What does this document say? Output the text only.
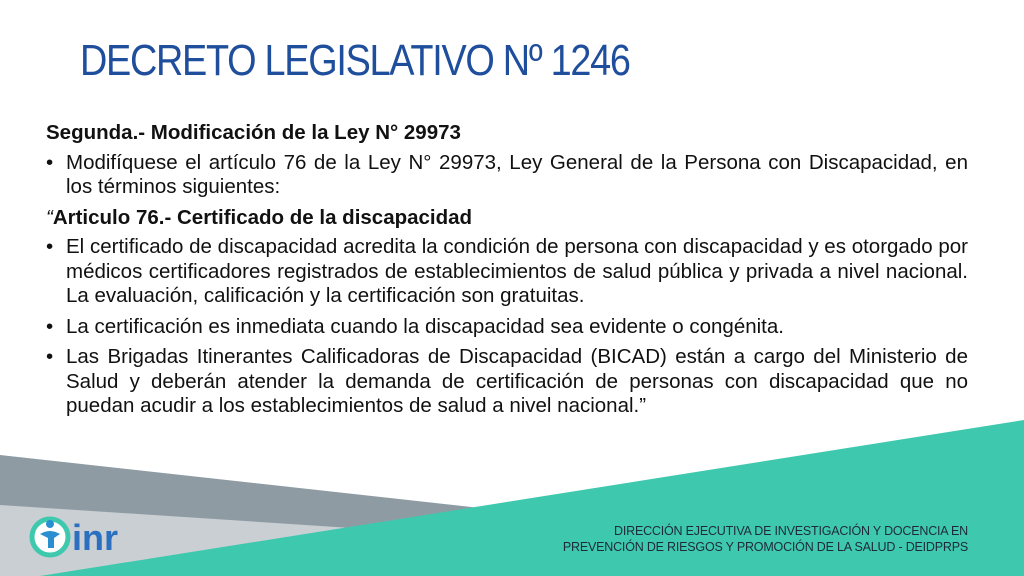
DECRETO LEGISLATIVO Nº 1246

Segunda.- Modificación de la Ley N° 29973

• Modifíquese el artículo 76 de la Ley N° 29973, Ley General de la Persona con Discapacidad, en los términos siguientes:

“Articulo 76.- Certificado de la discapacidad

• El certificado de discapacidad acredita la condición de persona con discapacidad y es otorgado por médicos certificadores registrados de establecimientos de salud pública y privada a nivel nacional. La evaluación, calificación y la certificación son gratuitas.
• La certificación es inmediata cuando la discapacidad sea evidente o congénita.
• Las Brigadas Itinerantes Calificadoras de Discapacidad (BICAD) están a cargo del Ministerio de Salud y deberán atender la demanda de certificación de personas con discapacidad que no puedan acudir a los establecimientos de salud a nivel nacional.”
inr	DIRECCIÓN EJECUTIVA DE INVESTIGACIÓN Y DOCENCIA EN
PREVENCIÓN DE RIESGOS Y PROMOCIÓN DE LA SALUD - DEIDPRPS
